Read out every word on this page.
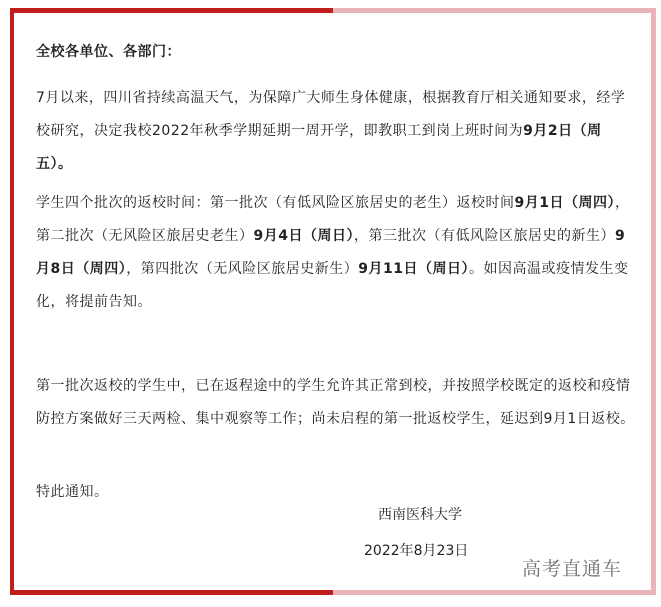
全校各单位、各部门：

7月以来，四川省持续高温天气，为保障广大师生身体健康，根据教育厅相关通知要求，经学校研究，决定我校2022年秋季学期延期一周开学，即教职工到岗上班时间为9月2日（周五）。

学生四个批次的返校时间：第一批次（有低风险区旅居史的老生）返校时间9月1日（周四），第二批次（无风险区旅居史老生）9月4日（周日），第三批次（有低风险区旅居史的新生）9月8日（周四），第四批次（无风险区旅居史新生）9月11日（周日）。如因高温或疫情发生变化，将提前告知。

第一批次返校的学生中，已在返程途中的学生允许其正常到校，并按照学校既定的返校和疫情防控方案做好三天两检、集中观察等工作；尚未启程的第一批返校学生，延迟到9月1日返校。

特此通知。

西南医科大学
2022年8月23日
高考直通车
